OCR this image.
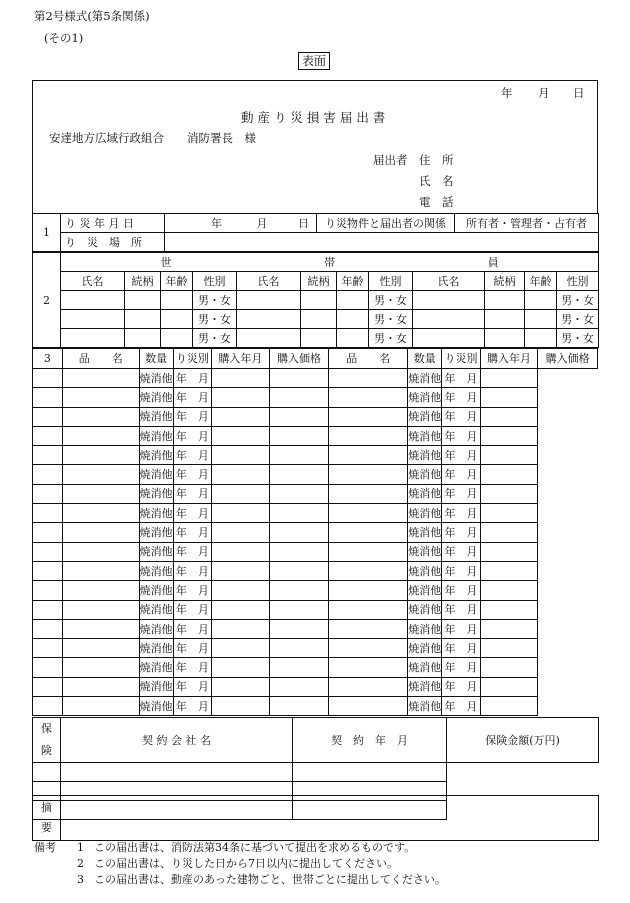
第2号様式(第5条関係)
(その1)
表面
年 月 日
動 産 り 災 損 害 届 出 書
安達地方広域行政組合　　消防署長　様
届出者 住　所
氏　名
電　話
1	り 災 年 月 日	年 月 日	り災物件と届出者の関係	所有者・管理者・占有者
	り　災　場　所			
2	世 帯 員											
	氏名	続柄	年齢	性別	氏名	続柄	年齢	性別	氏名	続柄	年齢	性別
				男・女				男・女				男・女
				男・女				男・女				男・女
				男・女				男・女				男・女
3	品　　名	数量	り災別	購入年月	購入価格	品　　名	数量	り災別	購入年月	購入価格
		焼消他	年　月				焼消他	年　月		
		焼消他	年　月				焼消他	年　月		
		焼消他	年　月				焼消他	年　月		
		焼消他	年　月				焼消他	年　月		
		焼消他	年　月				焼消他	年　月		
		焼消他	年　月				焼消他	年　月		
		焼消他	年　月				焼消他	年　月		
		焼消他	年　月				焼消他	年　月		
		焼消他	年　月				焼消他	年　月		
		焼消他	年　月				焼消他	年　月		
		焼消他	年　月				焼消他	年　月		
		焼消他	年　月				焼消他	年　月		
		焼消他	年　月				焼消他	年　月		
		焼消他	年　月				焼消他	年　月		
		焼消他	年　月				焼消他	年　月		
		焼消他	年　月				焼消他	年　月		
		焼消他	年　月				焼消他	年　月		
		焼消他	年　月				焼消他	年　月		
保
険	契 約 会 社 名	契　約　年　月	保険金額(万円)

摘
要	
備考	1 この届出書は、消防法第34条に基づいて提出を求めるものです。
2 この届出書は、り災した日から7日以内に提出してください。
3 この届出書は、動産のあった建物ごと、世帯ごとに提出してください。
